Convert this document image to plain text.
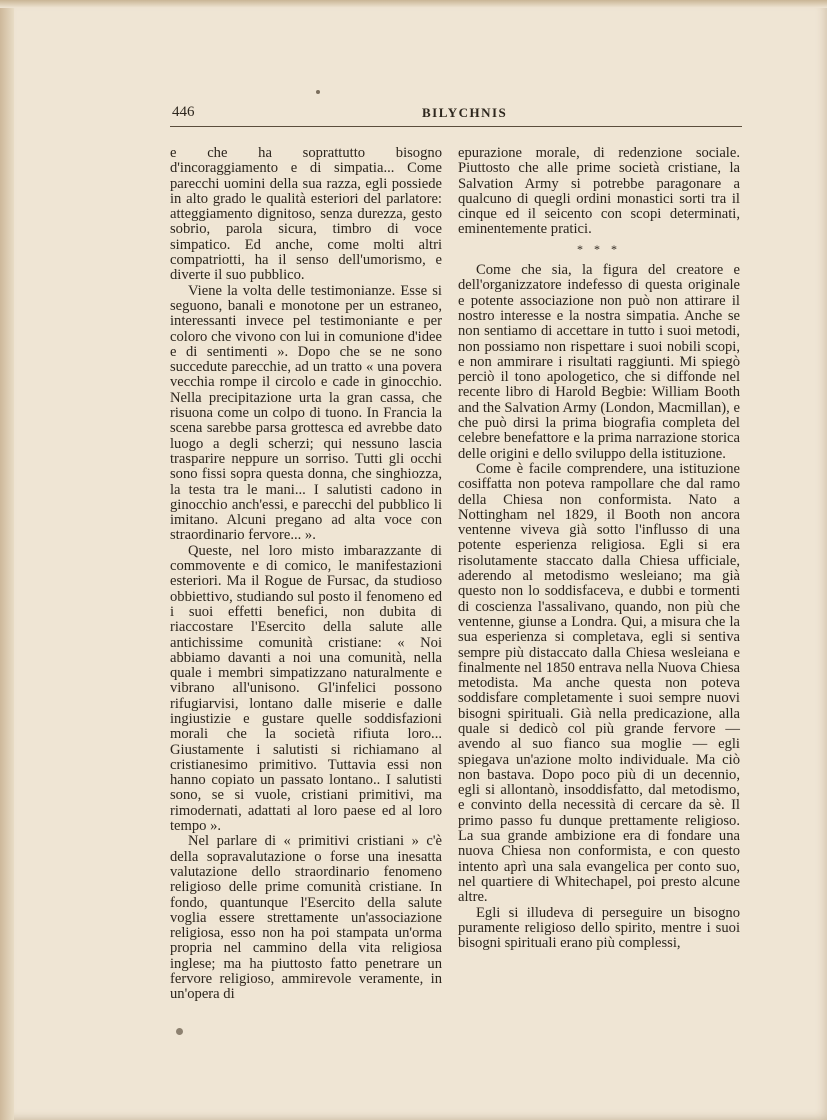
446	BILYCHNIS

e che ha soprattutto bisogno d'incoraggiamento e di simpatia... Come parecchi uomini della sua razza, egli possiede in alto grado le qualità esteriori del parlatore: atteggiamento dignitoso, senza durezza, gesto sobrio, parola sicura, timbro di voce simpatico. Ed anche, come molti altri compatriotti, ha il senso dell'umorismo, e diverte il suo pubblico.

Viene la volta delle testimonianze. Esse si seguono, banali e monotone per un estraneo, interessanti invece pel testimoniante e per coloro che vivono con lui in comunione d'idee e di sentimenti ». Dopo che se ne sono succedute parecchie, ad un tratto « una povera vecchia rompe il circolo e cade in ginocchio. Nella precipitazione urta la gran cassa, che risuona come un colpo di tuono. In Francia la scena sarebbe parsa grottesca ed avrebbe dato luogo a degli scherzi; qui nessuno lascia trasparire neppure un sorriso. Tutti gli occhi sono fissi sopra questa donna, che singhiozza, la testa tra le mani... I salutisti cadono in ginocchio anch'essi, e parecchi del pubblico li imitano. Alcuni pregano ad alta voce con straordinario fervore... ».

Queste, nel loro misto imbarazzante di commovente e di comico, le manifestazioni esteriori. Ma il Rogue de Fursac, da studioso obbiettivo, studiando sul posto il fenomeno ed i suoi effetti benefici, non dubita di riaccostare l'Esercito della salute alle antichissime comunità cristiane: « Noi abbiamo davanti a noi una comunità, nella quale i membri simpatizzano naturalmente e vibrano all'unisono. Gl'infelici possono rifugiarvisi, lontano dalle miserie e dalle ingiustizie e gustare quelle soddisfazioni morali che la società rifiuta loro... Giustamente i salutisti si richiamano al cristianesimo primitivo. Tuttavia essi non hanno copiato un passato lontano.. I salutisti sono, se si vuole, cristiani primitivi, ma rimodernati, adattati al loro paese ed al loro tempo ».

Nel parlare di « primitivi cristiani » c'è della sopravalutazione o forse una inesatta valutazione dello straordinario fenomeno religioso delle prime comunità cristiane. In fondo, quantunque l'Esercito della salute voglia essere strettamente un'associazione religiosa, esso non ha poi stampata un'orma propria nel cammino della vita religiosa inglese; ma ha piuttosto fatto penetrare un fervore religioso, ammirevole veramente, in un'opera di

epurazione morale, di redenzione sociale. Piuttosto che alle prime società cristiane, la Salvation Army si potrebbe paragonare a qualcuno di quegli ordini monastici sorti tra il cinque ed il seicento con scopi determinati, eminentemente pratici.

* * *

Come che sia, la figura del creatore e dell'organizzatore indefesso di questa originale e potente associazione non può non attirare il nostro interesse e la nostra simpatia. Anche se non sentiamo di accettare in tutto i suoi metodi, non possiamo non rispettare i suoi nobili scopi, e non ammirare i risultati raggiunti. Mi spiegò perciò il tono apologetico, che si diffonde nel recente libro di Harold Begbie: William Booth and the Salvation Army (London, Macmillan), e che può dirsi la prima biografia completa del celebre benefattore e la prima narrazione storica delle origini e dello sviluppo della istituzione.

Come è facile comprendere, una istituzione cosiffatta non poteva rampollare che dal ramo della Chiesa non conformista. Nato a Nottingham nel 1829, il Booth non ancora ventenne viveva già sotto l'influsso di una potente esperienza religiosa. Egli si era risolutamente staccato dalla Chiesa ufficiale, aderendo al metodismo wesleiano; ma già questo non lo soddisfaceva, e dubbi e tormenti di coscienza l'assalivano, quando, non più che ventenne, giunse a Londra. Qui, a misura che la sua esperienza si completava, egli si sentiva sempre più distaccato dalla Chiesa wesleiana e finalmente nel 1850 entrava nella Nuova Chiesa metodista. Ma anche questa non poteva soddisfare completamente i suoi sempre nuovi bisogni spirituali. Già nella predicazione, alla quale si dedicò col più grande fervore — avendo al suo fianco sua moglie — egli spiegava un'azione molto individuale. Ma ciò non bastava. Dopo poco più di un decennio, egli si allontanò, insoddisfatto, dal metodismo, e convinto della necessità di cercare da sè. Il primo passo fu dunque prettamente religioso. La sua grande ambizione era di fondare una nuova Chiesa non conformista, e con questo intento aprì una sala evangelica per conto suo, nel quartiere di Whitechapel, poi presto alcune altre.

Egli si illudeva di perseguire un bisogno puramente religioso dello spirito, mentre i suoi bisogni spirituali erano più complessi,
